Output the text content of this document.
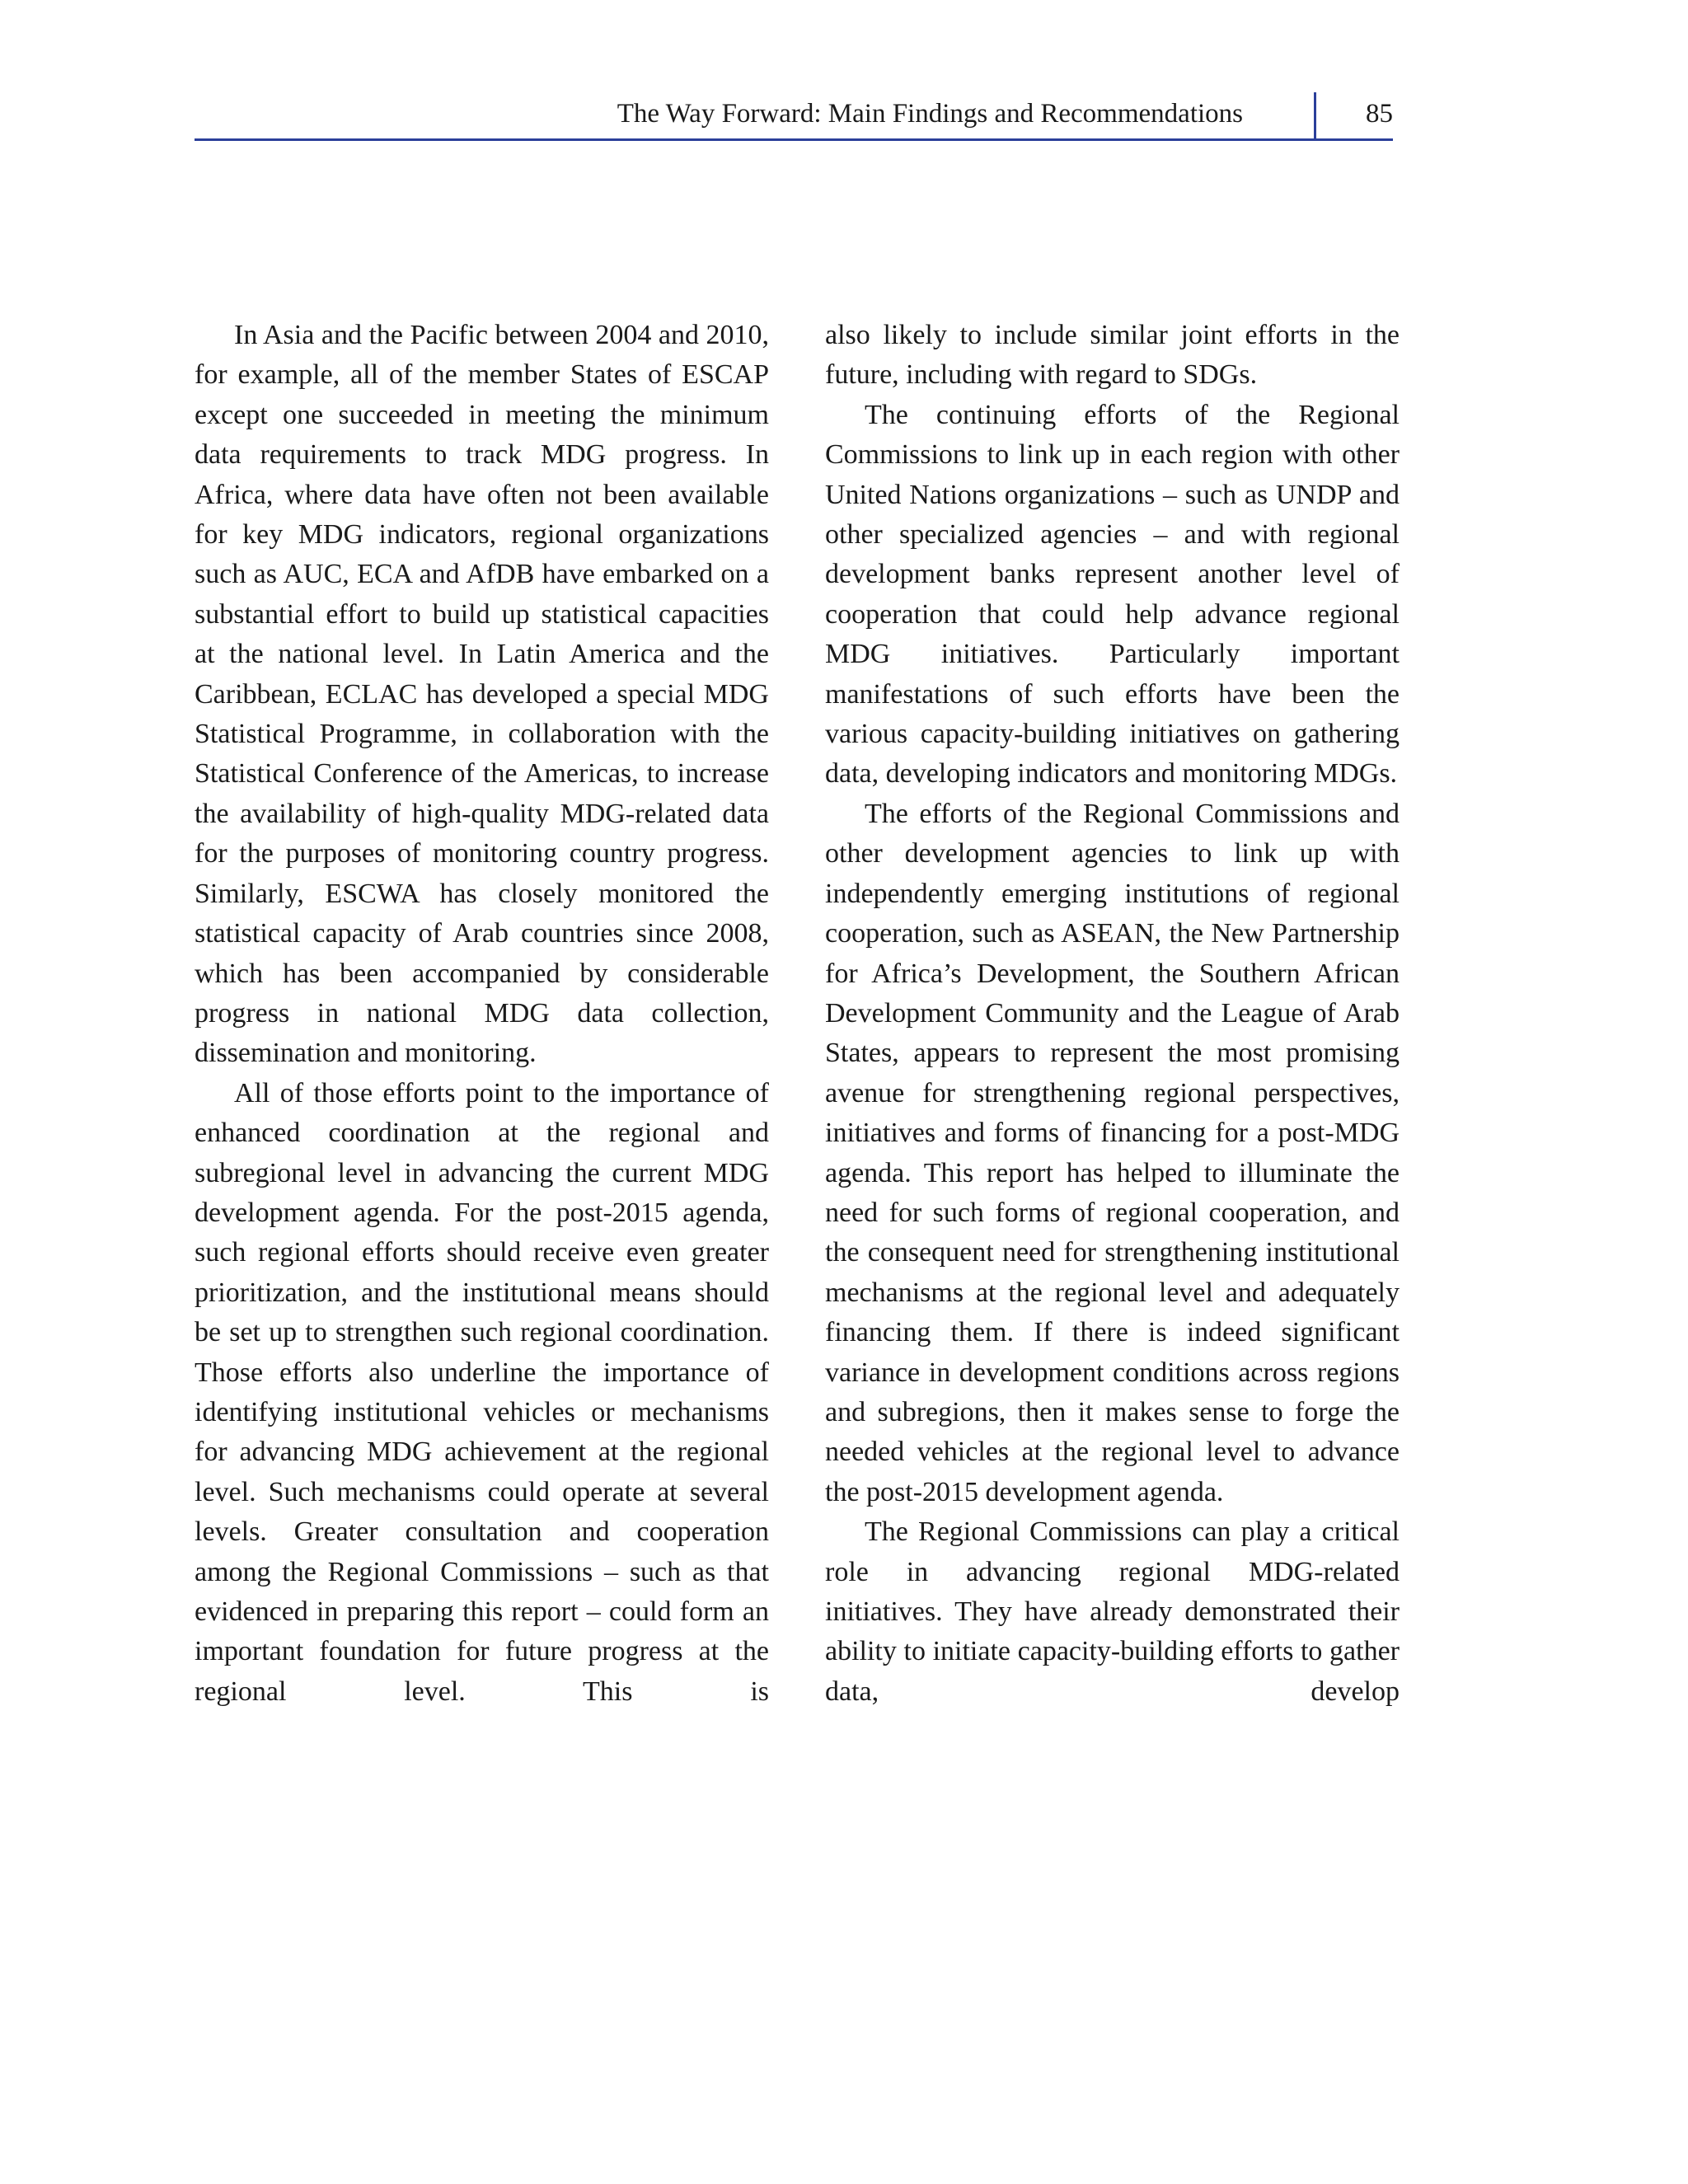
The Way Forward: Main Findings and Recommendations	85

In Asia and the Pacific between 2004 and 2010, for example, all of the member States of ESCAP except one succeeded in meeting the minimum data requirements to track MDG progress. In Africa, where data have often not been available for key MDG indicators, regional organizations such as AUC, ECA and AfDB have embarked on a substantial effort to build up statistical capacities at the national level. In Latin America and the Caribbean, ECLAC has developed a special MDG Statistical Programme, in collaboration with the Statistical Conference of the Americas, to increase the availability of high-quality MDG-related data for the purposes of monitoring country progress. Similarly, ESCWA has closely monitored the statistical capacity of Arab countries since 2008, which has been accompanied by considerable progress in national MDG data collection, dissemination and monitoring.

All of those efforts point to the importance of enhanced coordination at the regional and subregional level in advancing the current MDG development agenda. For the post-2015 agenda, such regional efforts should receive even greater prioritization, and the institutional means should be set up to strengthen such regional coordination. Those efforts also underline the importance of identifying institutional vehicles or mechanisms for advancing MDG achievement at the regional level. Such mechanisms could operate at several levels. Greater consultation and cooperation among the Regional Commissions – such as that evidenced in preparing this report – could form an important foundation for future progress at the regional level. This is

also likely to include similar joint efforts in the future, including with regard to SDGs.

The continuing efforts of the Regional Commissions to link up in each region with other United Nations organizations – such as UNDP and other specialized agencies – and with regional development banks represent another level of cooperation that could help advance regional MDG initiatives. Particularly important manifestations of such efforts have been the various capacity-building initiatives on gathering data, developing indicators and monitoring MDGs.

The efforts of the Regional Commissions and other development agencies to link up with independently emerging institutions of regional cooperation, such as ASEAN, the New Partnership for Africa’s Development, the Southern African Development Community and the League of Arab States, appears to represent the most promising avenue for strengthening regional perspectives, initiatives and forms of financing for a post-MDG agenda. This report has helped to illuminate the need for such forms of regional cooperation, and the consequent need for strengthening institutional mechanisms at the regional level and adequately financing them. If there is indeed significant variance in development conditions across regions and subregions, then it makes sense to forge the needed vehicles at the regional level to advance the post-2015 development agenda.

The Regional Commissions can play a critical role in advancing regional MDG-related initiatives. They have already demonstrated their ability to initiate capacity-building efforts to gather data, develop
